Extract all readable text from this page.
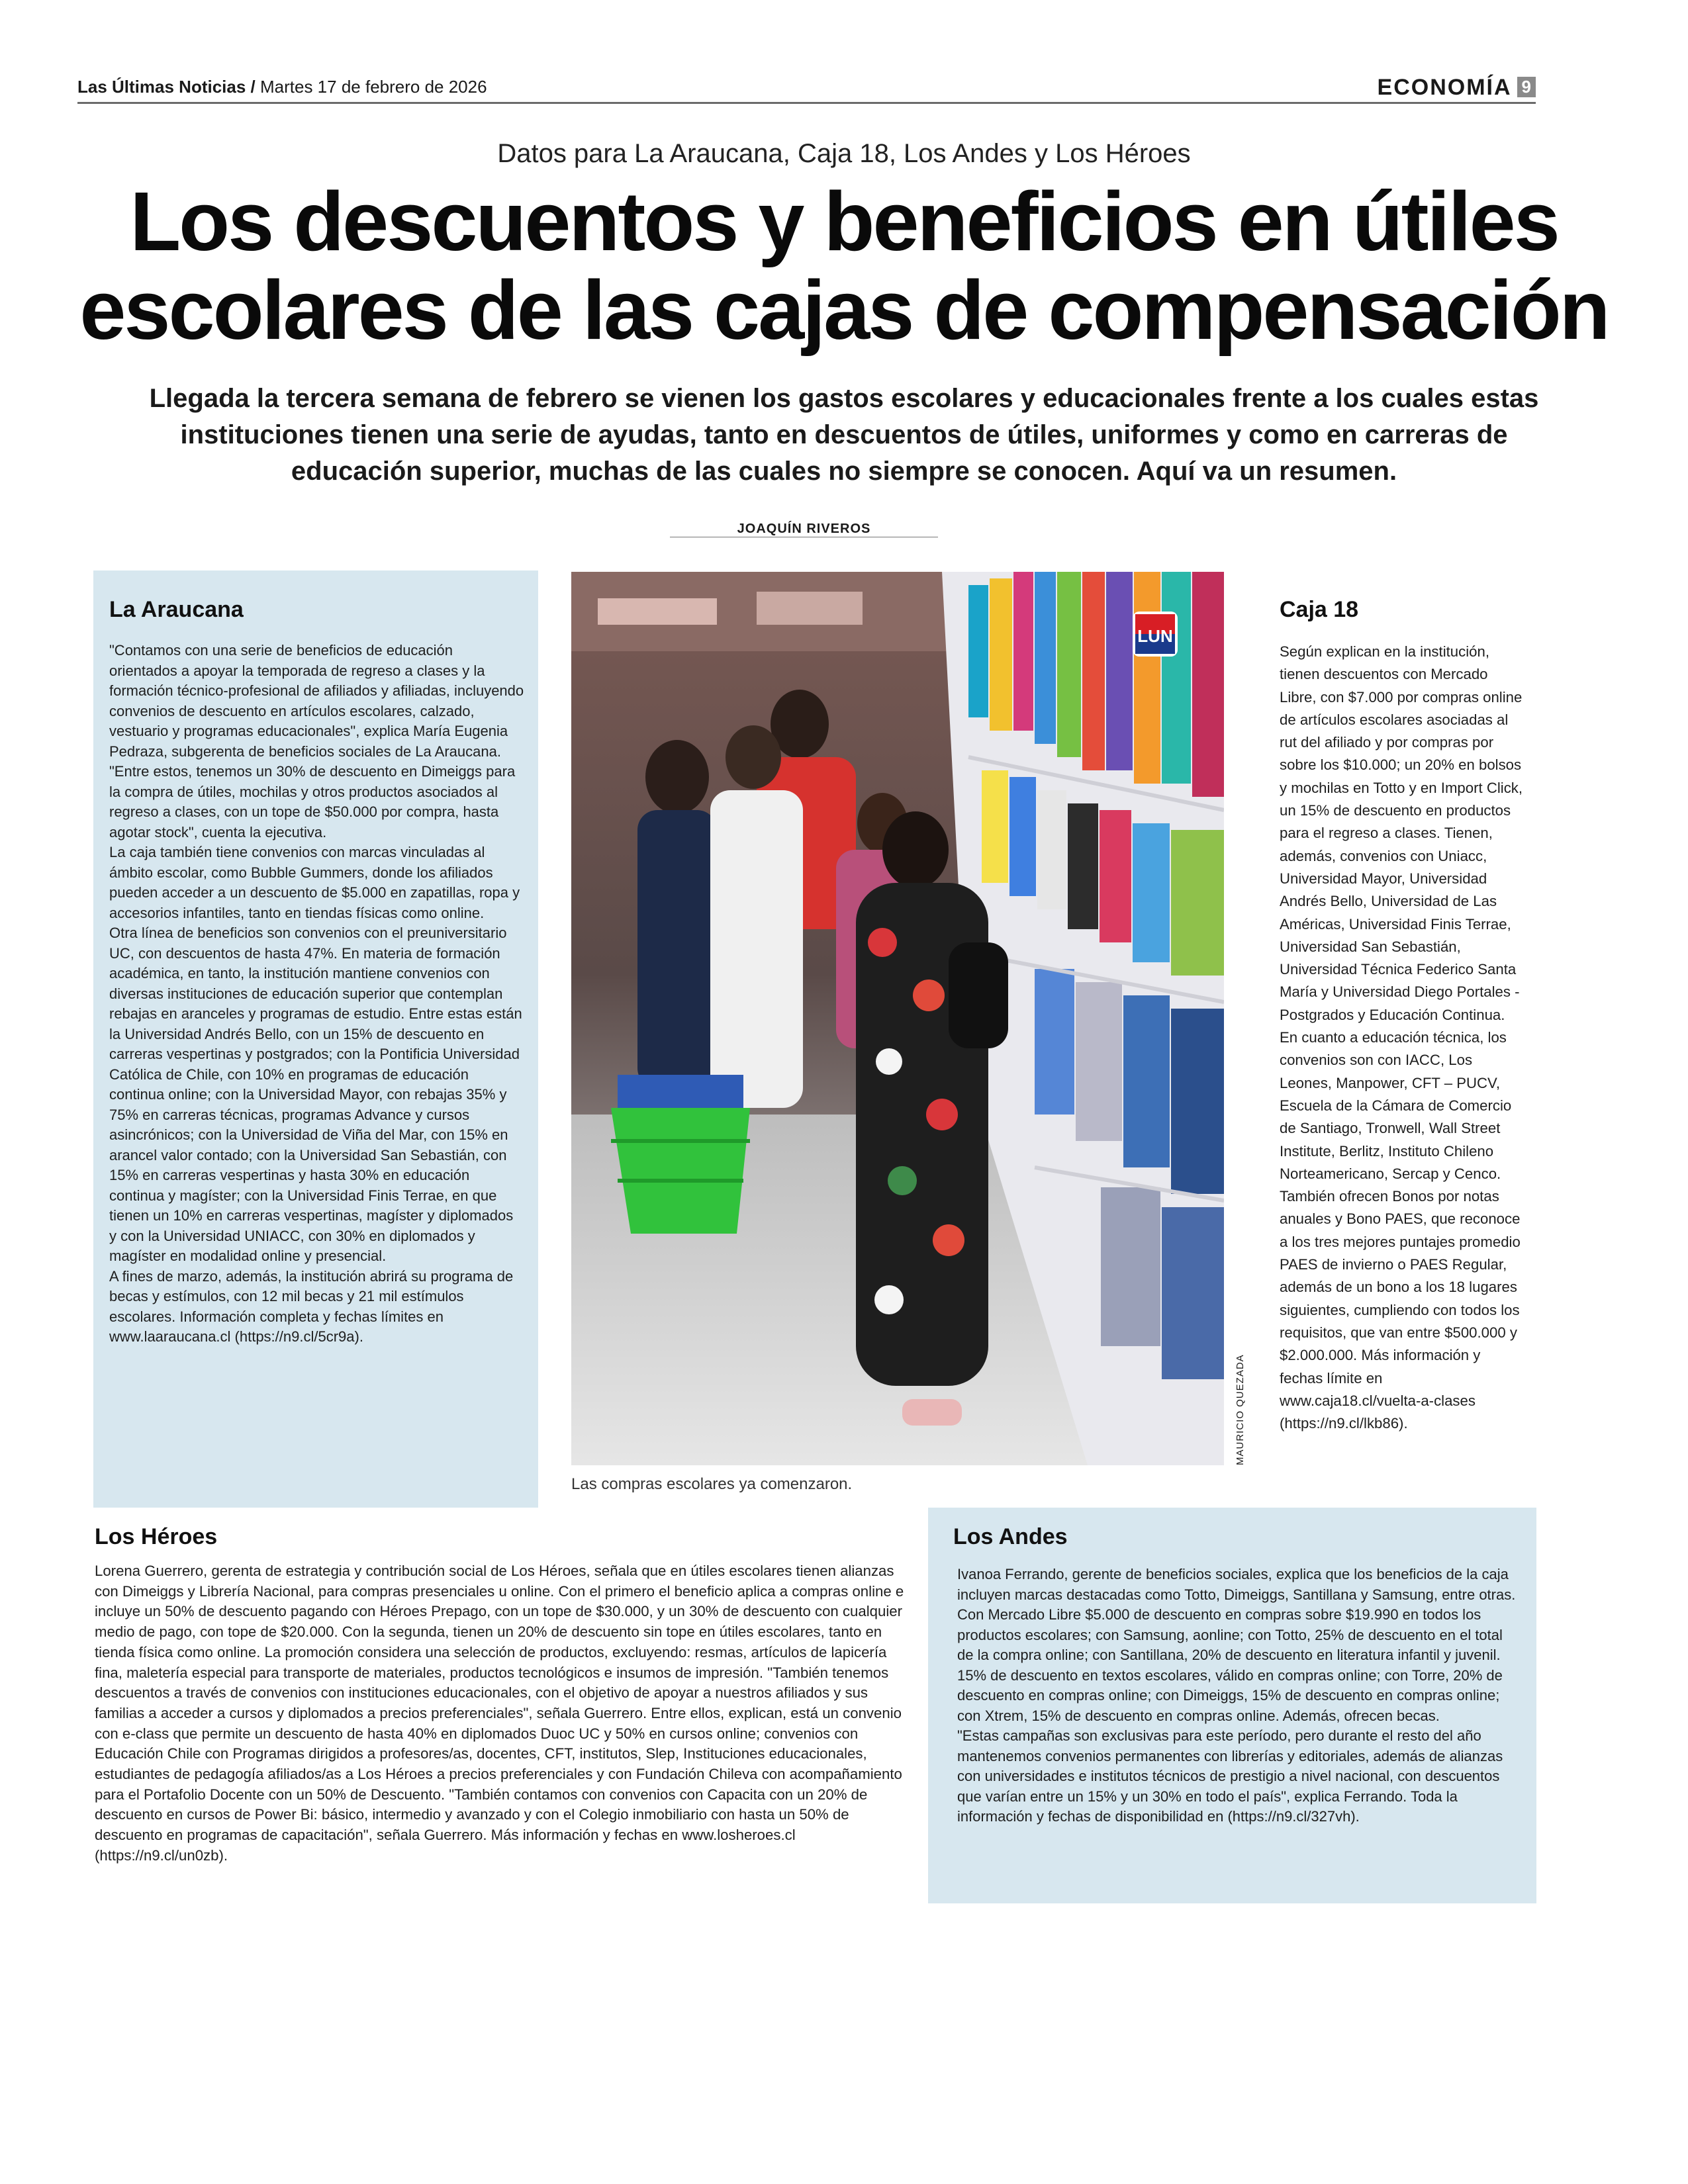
Las Últimas Noticias / Martes 17 de febrero de 2026	ECONOMÍA 9
Datos para La Araucana, Caja 18, Los Andes y Los Héroes
Los descuentos y beneficios en útiles
escolares de las cajas de compensación
Llegada la tercera semana de febrero se vienen los gastos escolares y educacionales frente a los cuales estas instituciones tienen una serie de ayudas, tanto en descuentos de útiles, uniformes y como en carreras de educación superior, muchas de las cuales no siempre se conocen. Aquí va un resumen.
JOAQUÍN RIVEROS
La Araucana

"Contamos con una serie de beneficios de educación orientados a apoyar la temporada de regreso a clases y la formación técnico-profesional de afiliados y afiliadas, incluyendo convenios de descuento en artículos escolares, calzado, vestuario y programas educacionales", explica María Eugenia Pedraza, subgerenta de beneficios sociales de La Araucana. "Entre estos, tenemos un 30% de descuento en Dimeiggs para la compra de útiles, mochilas y otros productos asociados al regreso a clases, con un tope de $50.000 por compra, hasta agotar stock", cuenta la ejecutiva.

La caja también tiene convenios con marcas vinculadas al ámbito escolar, como Bubble Gummers, donde los afiliados pueden acceder a un descuento de $5.000 en zapatillas, ropa y accesorios infantiles, tanto en tiendas físicas como online.

Otra línea de beneficios son convenios con el preuniversitario UC, con descuentos de hasta 47%. En materia de formación académica, en tanto, la institución mantiene convenios con diversas instituciones de educación superior que contemplan rebajas en aranceles y programas de estudio. Entre estas están la Universidad Andrés Bello, con un 15% de descuento en carreras vespertinas y postgrados; con la Pontificia Universidad Católica de Chile, con 10% en programas de educación continua online; con la Universidad Mayor, con rebajas 35% y 75% en carreras técnicas, programas Advance y cursos asincrónicos; con la Universidad de Viña del Mar, con 15% en arancel valor contado; con la Universidad San Sebastián, con 15% en carreras vespertinas y hasta 30% en educación continua y magíster; con la Universidad Finis Terrae, en que tienen un 10% en carreras vespertinas, magíster y diplomados y con la Universidad UNIACC, con 30% en diplomados y magíster en modalidad online y presencial.

A fines de marzo, además, la institución abrirá su programa de becas y estímulos, con 12 mil becas y 21 mil estímulos escolares. Información completa y fechas límites en www.laaraucana.cl (https://n9.cl/5cr9a).

LUN
MAURICIO QUEZADA
Las compras escolares ya comenzaron.
Caja 18

Según explican en la institución, tienen descuentos con Mercado Libre, con $7.000 por compras online de artículos escolares asociadas al rut del afiliado y por compras por sobre los $10.000; un 20% en bolsos y mochilas en Totto y en Import Click, un 15% de descuento en productos para el regreso a clases. Tienen, además, convenios con Uniacc, Universidad Mayor, Universidad Andrés Bello, Universidad de Las Américas, Universidad Finis Terrae, Universidad San Sebastián, Universidad Técnica Federico Santa María y Universidad Diego Portales - Postgrados y Educación Continua.

En cuanto a educación técnica, los convenios son con IACC, Los Leones, Manpower, CFT – PUCV, Escuela de la Cámara de Comercio de Santiago, Tronwell, Wall Street Institute, Berlitz, Instituto Chileno Norteamericano, Sercap y Cenco.

También ofrecen Bonos por notas anuales y Bono PAES, que reconoce a los tres mejores puntajes promedio PAES de invierno o PAES Regular, además de un bono a los 18 lugares siguientes, cumpliendo con todos los requisitos, que van entre $500.000 y $2.000.000. Más información y fechas límite en www.caja18.cl/vuelta-a-clases (https://n9.cl/lkb86).

Los Héroes

Lorena Guerrero, gerenta de estrategia y contribución social de Los Héroes, señala que en útiles escolares tienen alianzas con Dimeiggs y Librería Nacional, para compras presenciales u online. Con el primero el beneficio aplica a compras online e incluye un 50% de descuento pagando con Héroes Prepago, con un tope de $30.000, y un 30% de descuento con cualquier medio de pago, con tope de $20.000. Con la segunda, tienen un 20% de descuento sin tope en útiles escolares, tanto en tienda física como online. La promoción considera una selección de productos, excluyendo: resmas, artículos de lapicería fina, maletería especial para transporte de materiales, productos tecnológicos e insumos de impresión. "También tenemos descuentos a través de convenios con instituciones educacionales, con el objetivo de apoyar a nuestros afiliados y sus familias a acceder a cursos y diplomados a precios preferenciales", señala Guerrero. Entre ellos, explican, está un convenio con e-class que permite un descuento de hasta 40% en diplomados Duoc UC y 50% en cursos online; convenios con Educación Chile con Programas dirigidos a profesores/as, docentes, CFT, institutos, Slep, Instituciones educacionales, estudiantes de pedagogía afiliados/as a Los Héroes a precios preferenciales y con Fundación Chileva con acompañamiento para el Portafolio Docente con un 50% de Descuento. "También contamos con convenios con Capacita con un 20% de descuento en cursos de Power Bi: básico, intermedio y avanzado y con el Colegio inmobiliario con hasta un 50% de descuento en programas de capacitación", señala Guerrero. Más información y fechas en www.losheroes.cl (https://n9.cl/un0zb).

Los Andes

Ivanoa Ferrando, gerente de beneficios sociales, explica que los beneficios de la caja incluyen marcas destacadas como Totto, Dimeiggs, Santillana y Samsung, entre otras. Con Mercado Libre $5.000 de descuento en compras sobre $19.990 en todos los productos escolares; con Samsung, aonline; con Totto, 25% de descuento en el total de la compra online; con Santillana, 20% de descuento en literatura infantil y juvenil.

15% de descuento en textos escolares, válido en compras online; con Torre, 20% de descuento en compras online; con Dimeiggs, 15% de descuento en compras online; con Xtrem, 15% de descuento en compras online. Además, ofrecen becas.

"Estas campañas son exclusivas para este período, pero durante el resto del año mantenemos convenios permanentes con librerías y editoriales, además de alianzas con universidades e institutos técnicos de prestigio a nivel nacional, con descuentos que varían entre un 15% y un 30% en todo el país", explica Ferrando. Toda la información y fechas de disponibilidad en (https://n9.cl/327vh).
